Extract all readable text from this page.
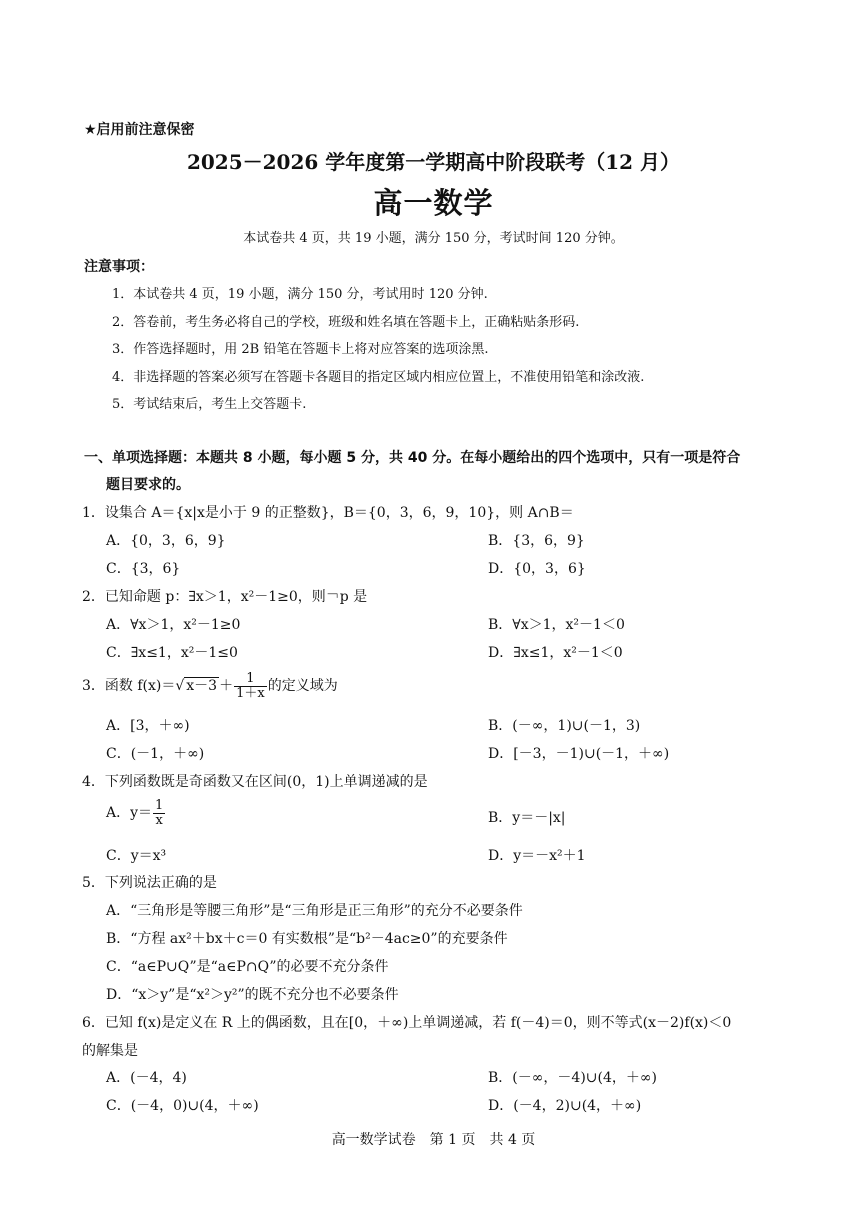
★启用前注意保密
2025－2026 学年度第一学期高中阶段联考（12 月）
高一数学
本试卷共 4 页，共 19 小题，满分 150 分，考试时间 120 分钟。
注意事项：
1．本试卷共 4 页，19 小题，满分 150 分，考试用时 120 分钟.
2．答卷前，考生务必将自己的学校，班级和姓名填在答题卡上，正确粘贴条形码.
3．作答选择题时，用 2B 铅笔在答题卡上将对应答案的选项涂黑.
4．非选择题的答案必须写在答题卡各题目的指定区域内相应位置上，不准使用铅笔和涂改液.
5．考试结束后，考生上交答题卡.
一、单项选择题：本题共 8 小题，每小题 5 分，共 40 分。在每小题给出的四个选项中，只有一项是符合
题目要求的。
1．设集合 A＝{x|x是小于 9 的正整数}，B＝{0，3，6，9，10}，则 A∩B＝
A．{0，3，6，9}	B．{3，6，9}
C．{3，6}	D．{0，3，6}
2．已知命题 p：∃x＞1，x²－1≥0，则￢p 是
A．∀x＞1，x²－1≥0	B．∀x＞1，x²－1＜0
C．∃x≤1，x²－1≤0	D．∃x≤1，x²－1＜0
3．函数 f(x)＝√ $x-3 + \frac{1}{1+x}$ 的定义域为
A．[3，＋∞)	B．(－∞，1)∪(－1，3)
C．(－1，＋∞)	D．[－3，－1)∪(－1，＋∞)
4．下列函数既是奇函数又在区间(0，1)上单调递减的是
A．$y= \frac{1}{x}$	B．y＝－|x|
C．y＝x³	D．y＝－x²＋1
5．下列说法正确的是
A．“三角形是等腰三角形”是“三角形是正三角形”的充分不必要条件
B．“方程 ax²＋bx＋c＝0 有实数根”是“b²－4ac≥0”的充要条件
C．“a∈P∪Q”是“a∈P∩Q”的必要不充分条件
D．“x＞y”是“x²＞y²”的既不充分也不必要条件
6．已知 f(x)是定义在 R 上的偶函数，且在[0，＋∞)上单调递减，若 f(－4)＝0，则不等式(x－2)f(x)＜0
的解集是
A．(－4，4)	B．(－∞，－4)∪(4，＋∞)
C．(－4，0)∪(4，＋∞)	D．(－4，2)∪(4，＋∞)
高一数学试卷　第 1 页　共 4 页
